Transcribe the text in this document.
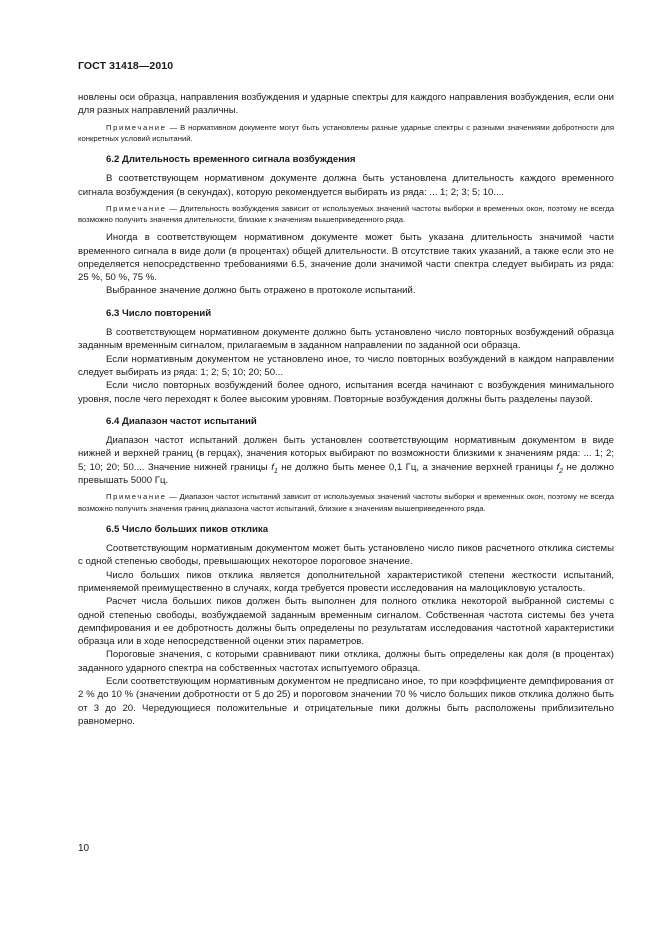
ГОСТ 31418—2010

новлены оси образца, направления возбуждения и ударные спектры для каждого направления возбуждения, если они для разных направлений различны.

Примечание — В нормативном документе могут быть установлены разные ударные спектры с разными значениями добротности для конкретных условий испытаний.

6.2 Длительность временного сигнала возбуждения

В соответствующем нормативном документе должна быть установлена длительность каждого временного сигнала возбуждения (в секундах), которую рекомендуется выбирать из ряда: ... 1; 2; 3; 5; 10....

Примечание — Длительность возбуждения зависит от используемых значений частоты выборки и временных окон, поэтому не всегда возможно получить значения длительности, близкие к значениям вышеприведенного ряда.

Иногда в соответствующем нормативном документе может быть указана длительность значимой части временного сигнала в виде доли (в процентах) общей длительности. В отсутствие таких указаний, а также если это не определяется непосредственно требованиями 6.5, значение доли значимой части спектра следует выбирать из ряда: 25 %, 50 %, 75 %.

Выбранное значение должно быть отражено в протоколе испытаний.

6.3 Число повторений

В соответствующем нормативном документе должно быть установлено число повторных возбуждений образца заданным временным сигналом, прилагаемым в заданном направлении по заданной оси образца.

Если нормативным документом не установлено иное, то число повторных возбуждений в каждом направлении следует выбирать из ряда: 1; 2; 5; 10; 20; 50...

Если число повторных возбуждений более одного, испытания всегда начинают с возбуждения минимального уровня, после чего переходят к более высоким уровням. Повторные возбуждения должны быть разделены паузой.

6.4 Диапазон частот испытаний

Диапазон частот испытаний должен быть установлен соответствующим нормативным документом в виде нижней и верхней границ (в герцах), значения которых выбирают по возможности близкими к значениям ряда: ... 1; 2; 5; 10; 20; 50.... Значение нижней границы $f_1$ не должно быть менее 0,1 Гц, а значение верхней границы $f_2$ не должно превышать 5000 Гц.

Примечание — Диапазон частот испытаний зависит от используемых значений частоты выборки и временных окон, поэтому не всегда возможно получить значения границ диапазона частот испытаний, близкие к значениям вышеприведенного ряда.

6.5 Число больших пиков отклика

Соответствующим нормативным документом может быть установлено число пиков расчетного отклика системы с одной степенью свободы, превышающих некоторое пороговое значение.

Число больших пиков отклика является дополнительной характеристикой степени жесткости испытаний, применяемой преимущественно в случаях, когда требуется провести исследования на малоцикловую усталость.

Расчет числа больших пиков должен быть выполнен для полного отклика некоторой выбранной системы с одной степенью свободы, возбуждаемой заданным временным сигналом. Собственная частота системы без учета демпфирования и ее добротность должны быть определены по результатам исследования частотной характеристики образца или в ходе непосредственной оценки этих параметров.

Пороговые значения, с которыми сравнивают пики отклика, должны быть определены как доля (в процентах) заданного ударного спектра на собственных частотах испытуемого образца.

Если соответствующим нормативным документом не предписано иное, то при коэффициенте демпфирования от 2 % до 10 % (значении добротности от 5 до 25) и пороговом значении 70 % число больших пиков отклика должно быть от 3 до 20. Чередующиеся положительные и отрицательные пики должны быть расположены приблизительно равномерно.

10
